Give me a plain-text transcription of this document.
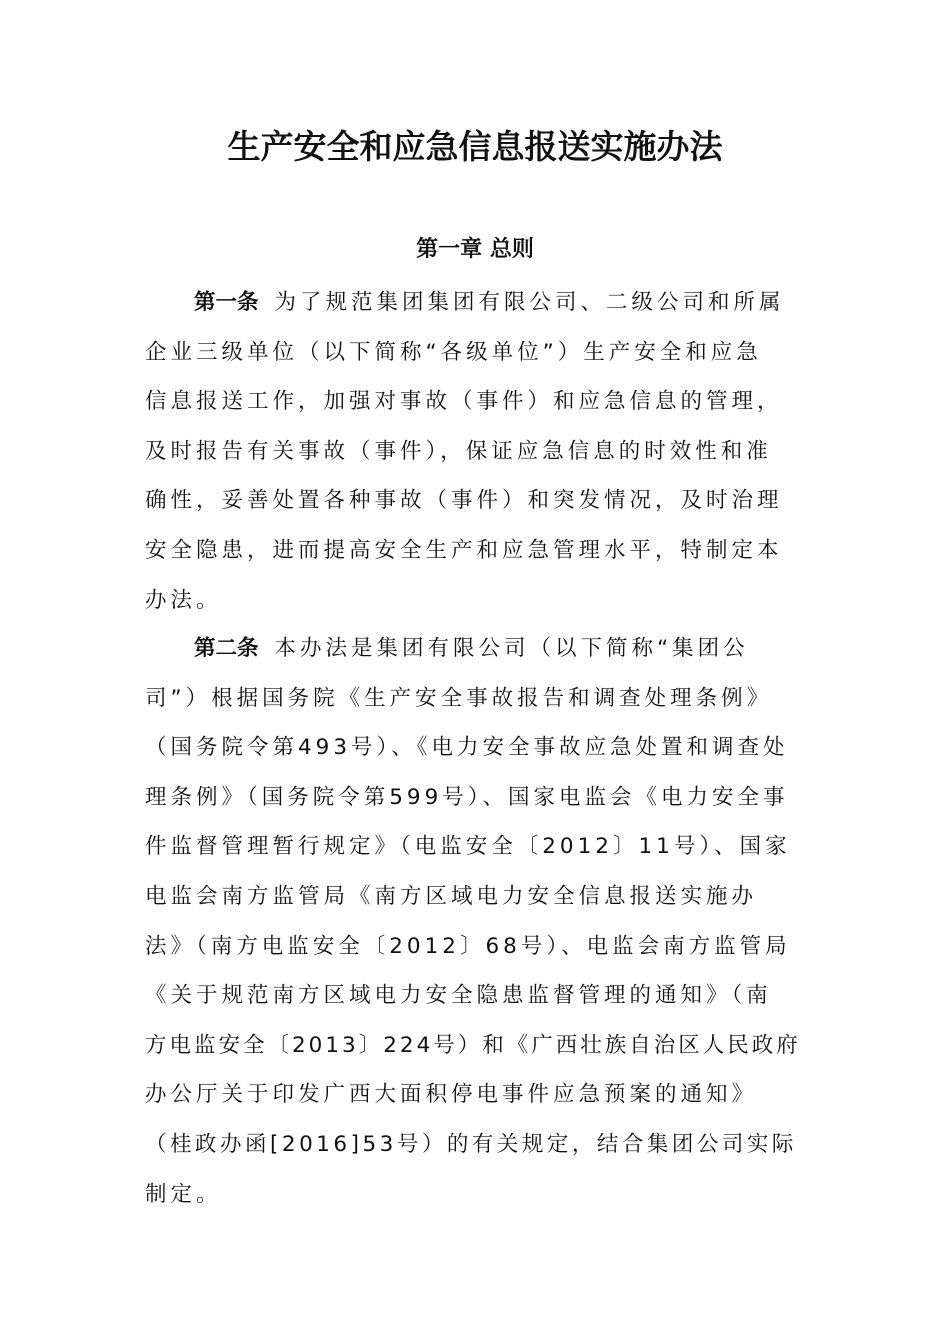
生产安全和应急信息报送实施办法
第一章 总则
第一条 为了规范集团集团有限公司、二级公司和所属
企业三级单位（以下简称“各级单位”）生产安全和应急
信息报送工作，加强对事故（事件）和应急信息的管理，
及时报告有关事故（事件），保证应急信息的时效性和准
确性，妥善处置各种事故（事件）和突发情况，及时治理
安全隐患，进而提高安全生产和应急管理水平，特制定本
办法。
第二条 本办法是集团有限公司（以下简称“集团公
司”）根据国务院《生产安全事故报告和调查处理条例》
（国务院令第493号）、《电力安全事故应急处置和调查处
理条例》（国务院令第599号）、国家电监会《电力安全事
件监督管理暂行规定》（电监安全〔2012〕11号）、国家
电监会南方监管局《南方区域电力安全信息报送实施办
法》（南方电监安全〔2012〕68号）、电监会南方监管局
《关于规范南方区域电力安全隐患监督管理的通知》（南
方电监安全〔2013〕224号）和《广西壮族自治区人民政府
办公厅关于印发广西大面积停电事件应急预案的通知》
（桂政办函[2016]53号）的有关规定，结合集团公司实际
制定。
